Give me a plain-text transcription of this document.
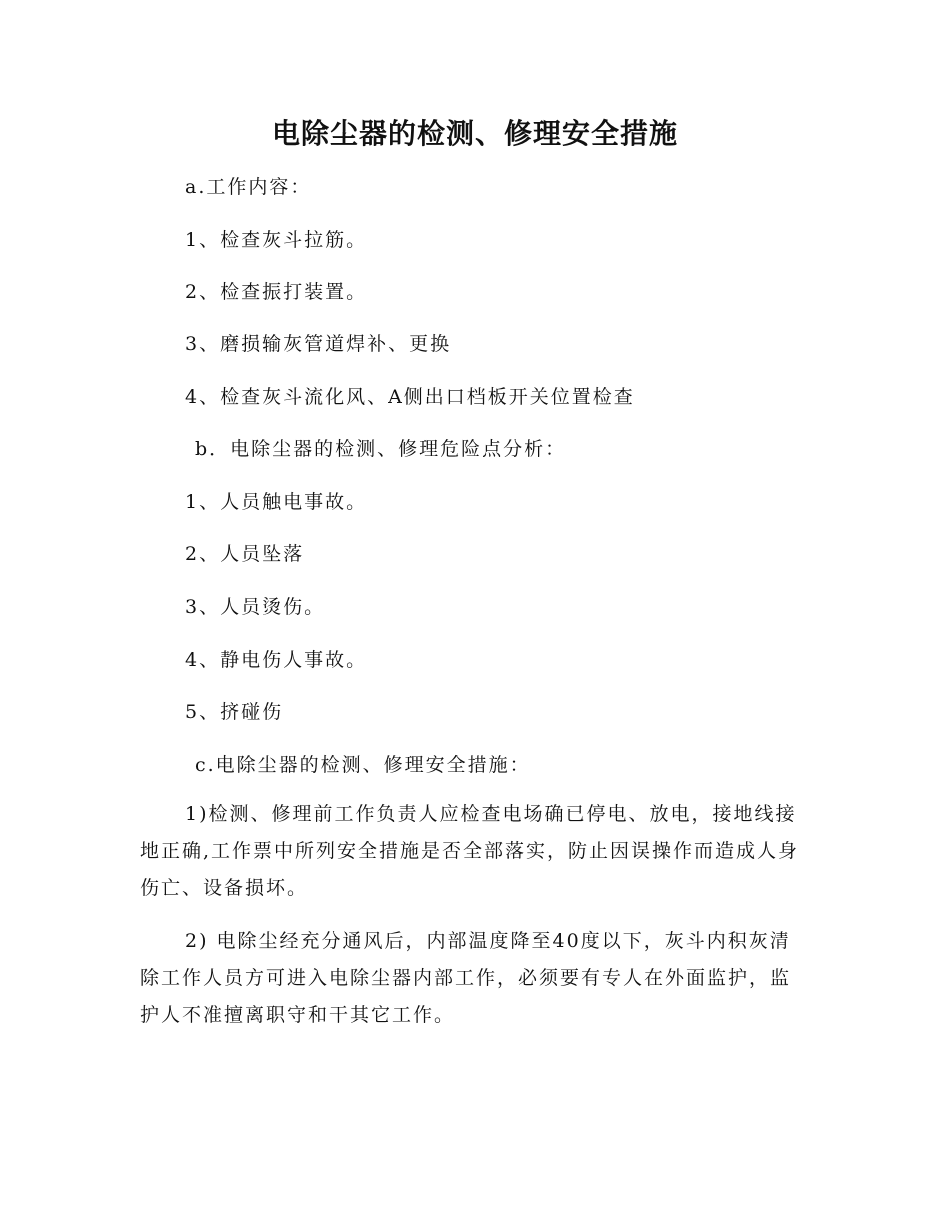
电除尘器的检测、修理安全措施
a.工作内容：
1、检查灰斗拉筋。
2、检查振打装置。
3、磨损输灰管道焊补、更换
4、检查灰斗流化风、A侧出口档板开关位置检查
b．电除尘器的检测、修理危险点分析：
1、人员触电事故。
2、人员坠落
3、人员烫伤。
4、静电伤人事故。
5、挤碰伤
c.电除尘器的检测、修理安全措施：
1)检测、修理前工作负责人应检查电场确已停电、放电，接地线接地正确,工作票中所列安全措施是否全部落实，防止因误操作而造成人身伤亡、设备损坏。
2) 电除尘经充分通风后，内部温度降至40度以下，灰斗内积灰清除工作人员方可进入电除尘器内部工作，必须要有专人在外面监护，监护人不准擅离职守和干其它工作。
